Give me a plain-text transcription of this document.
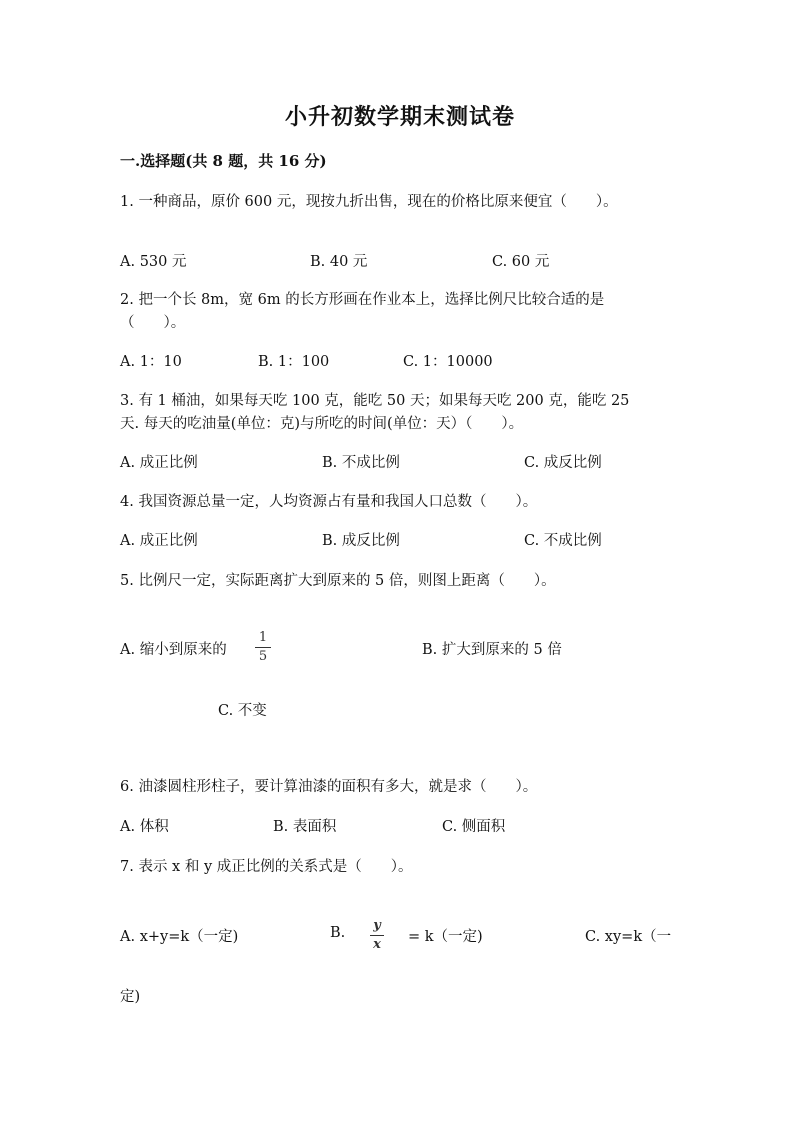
小升初数学期末测试卷
一.选择题(共 8 题，共 16 分)
1. 一种商品，原价 600 元，现按九折出售，现在的价格比原来便宜（　　）。
A. 530 元	B. 40 元	C. 60 元
2. 把一个长 8m，宽 6m 的长方形画在作业本上，选择比例尺比较合适的是
（　　）。
A. 1：10	B. 1：100	C. 1：10000
3. 有 1 桶油，如果每天吃 100 克，能吃 50 天；如果每天吃 200 克，能吃 25
天. 每天的吃油量(单位：克)与所吃的时间(单位：天）（　　）。
A. 成正比例	B. 不成比例	C. 成反比例
4. 我国资源总量一定，人均资源占有量和我国人口总数（　　）。
A. 成正比例	B. 成反比例	C. 不成比例
5. 比例尺一定，实际距离扩大到原来的 5 倍，则图上距离（　　）。
A. 缩小到原来的
1
5	B. 扩大到原来的 5 倍
C. 不变
6. 油漆圆柱形柱子，要计算油漆的面积有多大，就是求（　　）。
A. 体积	B. 表面积	C. 侧面积
7. 表示 x 和 y 成正比例的关系式是（　　）。
A. x+y=k（一定)	B. y
x = k（一定)	C. xy=k（一
定)
